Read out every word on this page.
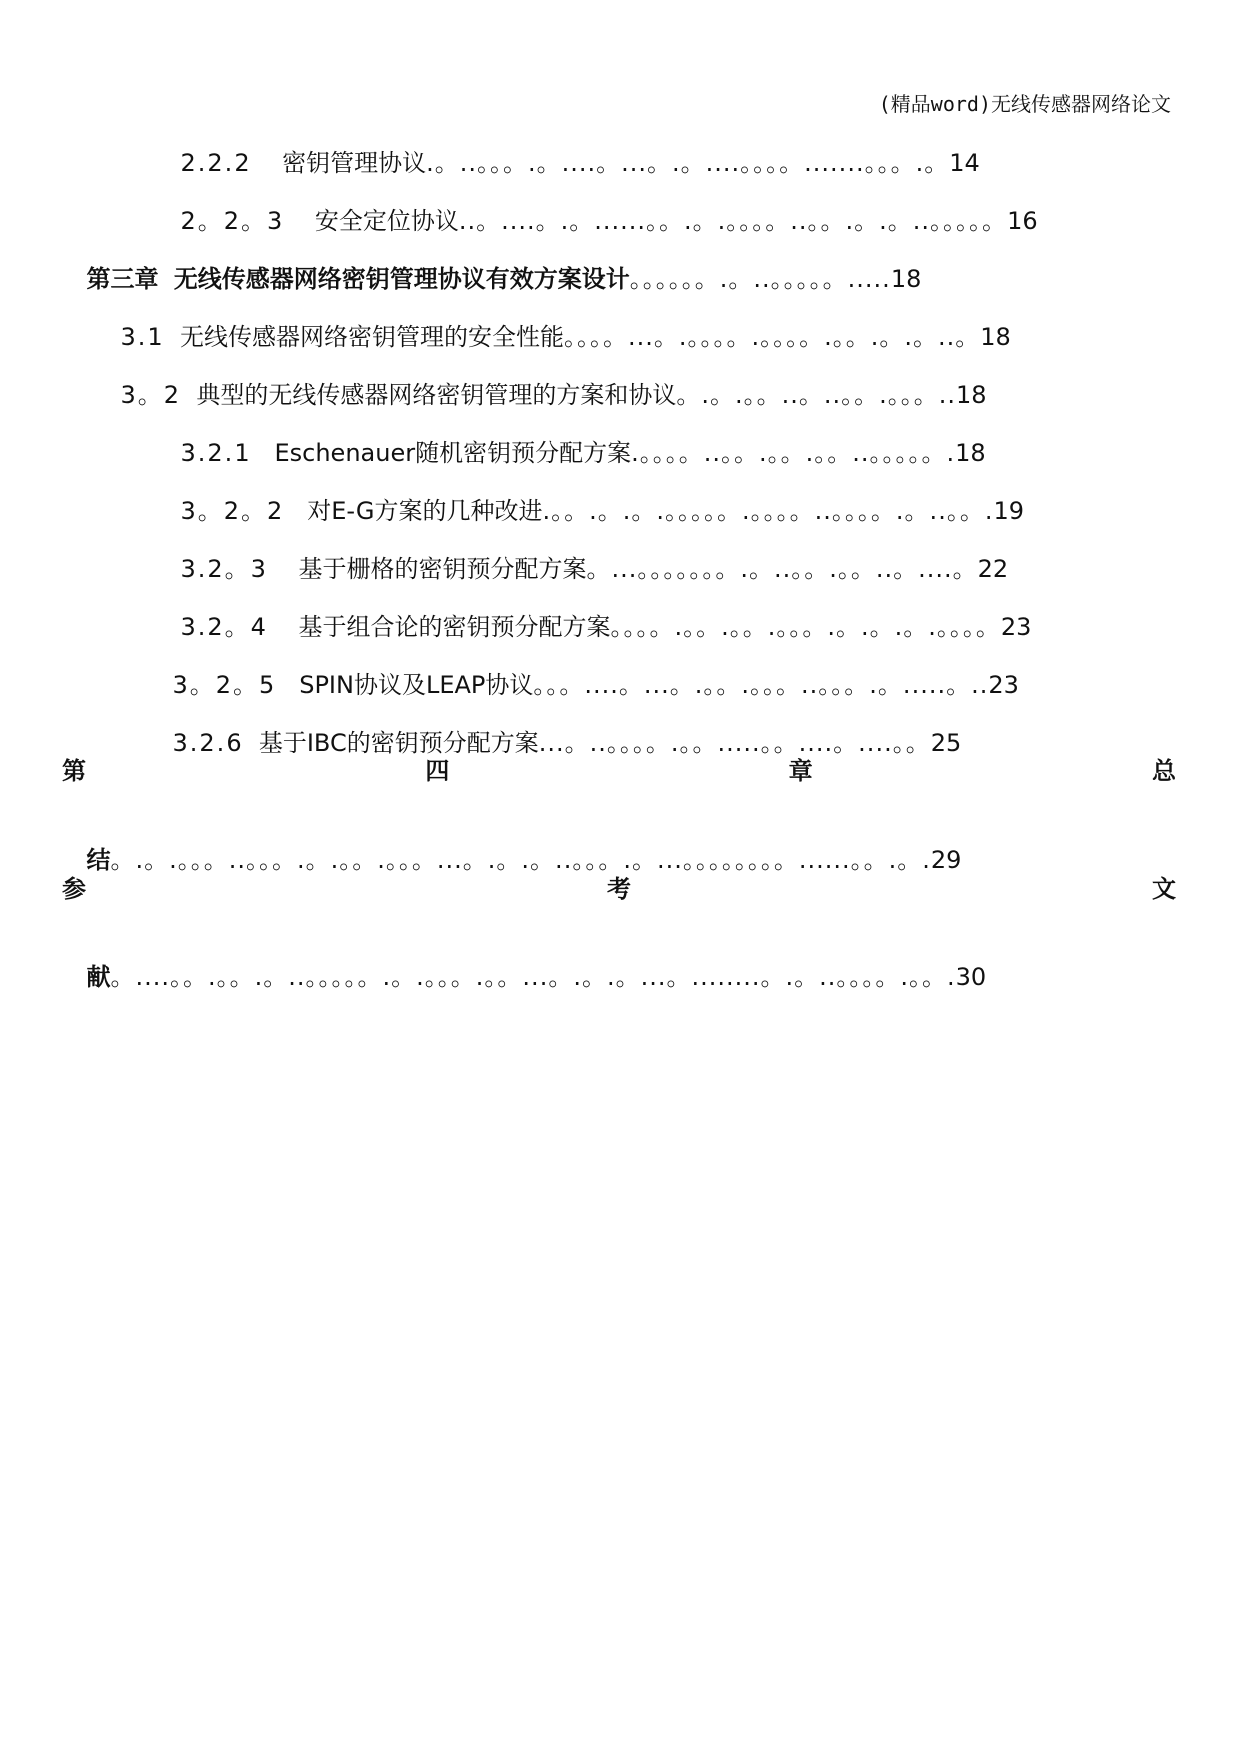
(精品word)无线传感器网络论文

2.2.2 密钥管理协议.。..。。。.。....。...。.。....。。。。.......。。。.。14

2。2。3 安全定位协议..。....。.。......。。.。.。。。。..。。.。.。..。。。。。16

第三章 无线传感器网络密钥管理协议有效方案设计。。。。。。.。..。。。。。.....18

3.1 无线传感器网络密钥管理的安全性能。。。。...。.。。。。.。。。。.。。.。.。..。18

3。2 典型的无线传感器网络密钥管理的方案和协议。.。.。。..。..。。.。。。..18

3.2.1 Eschenauer随机密钥预分配方案.。。。。..。。.。。.。。..。。。。。.18

3。2。2 对E-G方案的几种改进.。。.。.。.。。。。。.。。。。..。。。。.。..。。.19

3.2。3 基于栅格的密钥预分配方案。...。。。。。。。.。..。。.。。..。....。22

3.2。4 基于组合论的密钥预分配方案。。。。.。。.。。.。。。.。.。.。.。。。。23

3。2。5 SPIN协议及LEAP协议。。。....。...。.。。.。。。..。。。.。.....。..23

3.2.6 基于IBC的密钥预分配方案...。..。。。。.。。.....。。....。....。。25

第	四	章	总

结。.。.。。。..。。。.。.。。.。。。...。.。.。..。。。.。...。。。。。。。。......。。.。.29

参	考	文

献。....。。.。。.。..。。。。。.。.。。。.。。...。.。.。...。........。.。..。。。。.。。.30
